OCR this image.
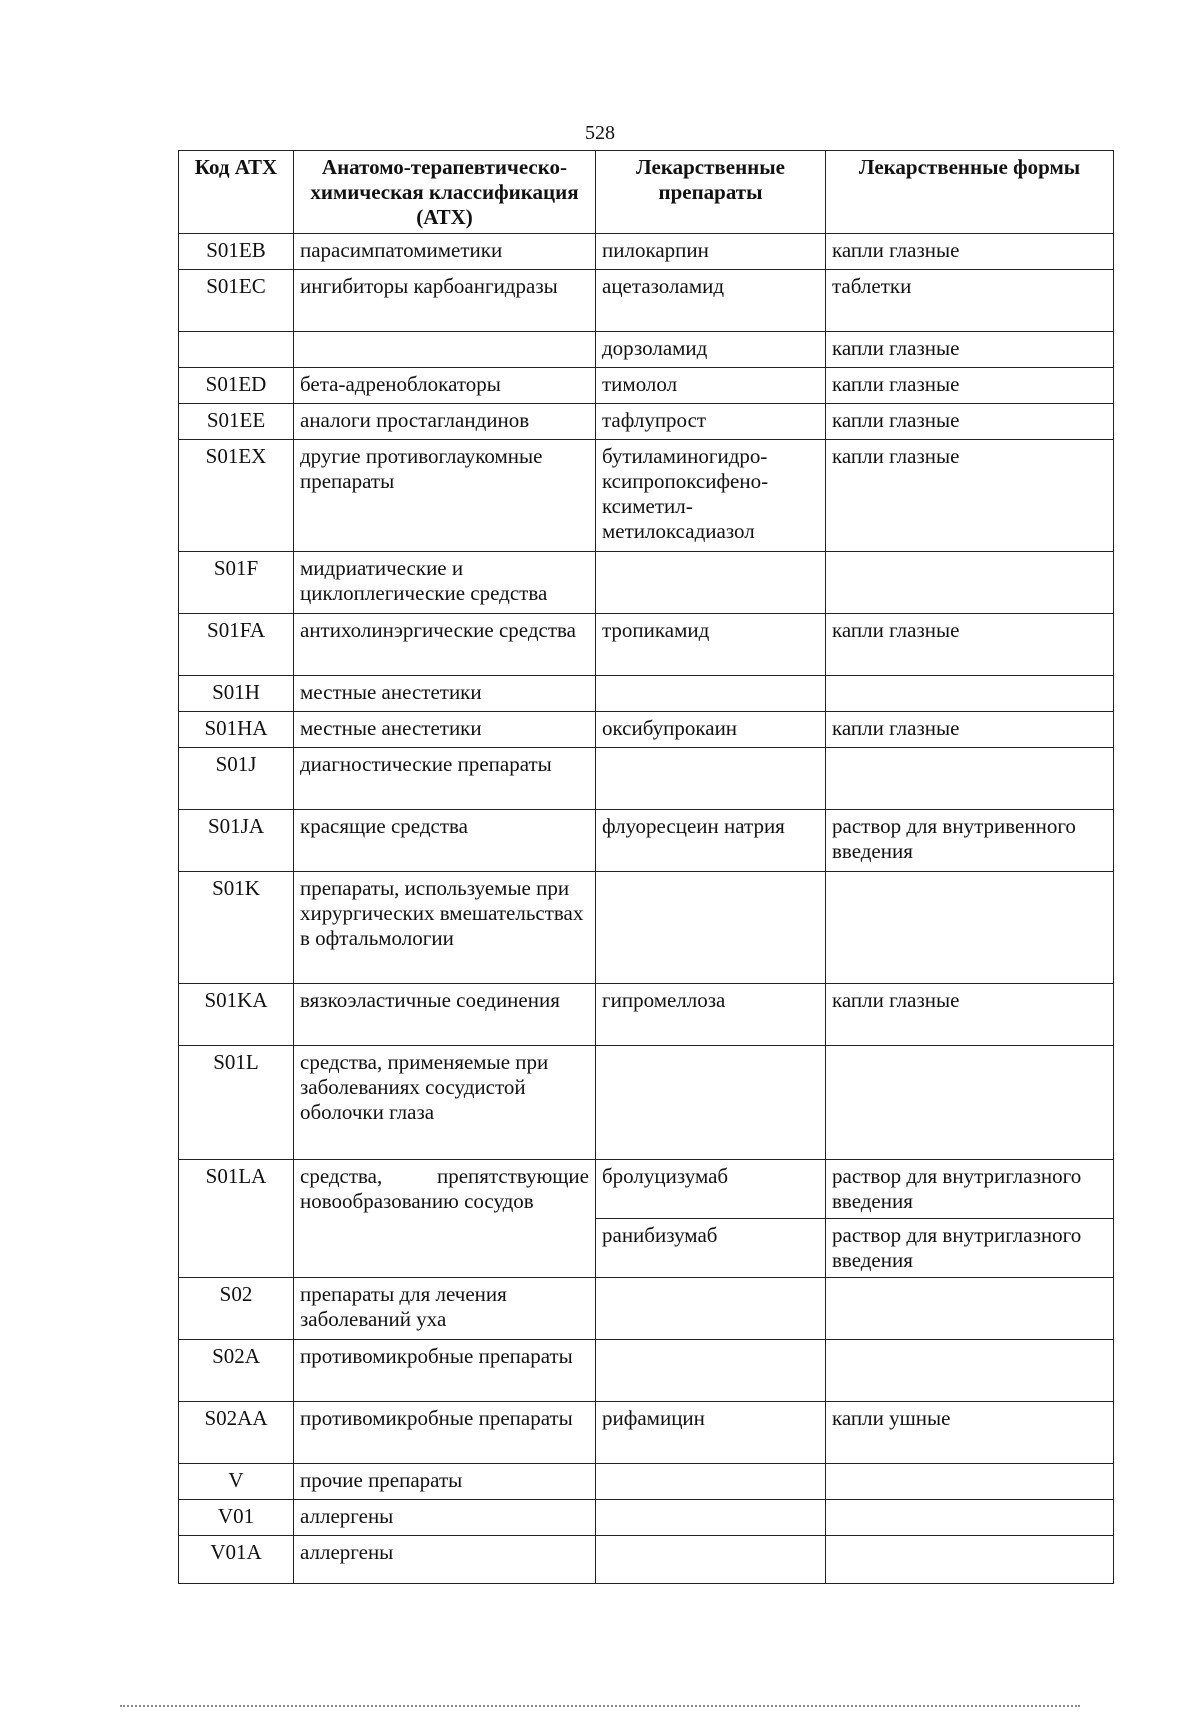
528
Код АТХ	Анатомо-терапевтическо-химическая классификация (АТХ)	Лекарственные препараты	Лекарственные формы
S01EB	парасимпатомиметики	пилокарпин	капли глазные
S01EC	ингибиторы карбоангидразы	ацетазоламид	таблетки
		дорзоламид	капли глазные
S01ED	бета-адреноблокаторы	тимолол	капли глазные
S01EE	аналоги простагландинов	тафлупрост	капли глазные
S01EX	другие противоглаукомные препараты	бутиламиногидро-ксипропоксифено-ксиметил-метилоксадиазол	капли глазные
S01F	мидриатические и циклоплегические средства		
S01FA	антихолинэргические средства	тропикамид	капли глазные
S01H	местные анестетики		
S01HA	местные анестетики	оксибупрокаин	капли глазные
S01J	диагностические препараты		
S01JA	красящие средства	флуоресцеин натрия	раствор для внутривенного введения
S01K	препараты, используемые при хирургических вмешательствах в офтальмологии		
S01KA	вязкоэластичные соединения	гипромеллоза	капли глазные
S01L	средства, применяемые при заболеваниях сосудистой оболочки глаза		
S01LA	средства, препятствующие новообразованию сосудов	бролуцизумаб	раствор для внутриглазного введения
		ранибизумаб	раствор для внутриглазного введения
S02	препараты для лечения заболеваний уха		
S02A	противомикробные препараты		
S02AA	противомикробные препараты	рифамицин	капли ушные
V	прочие препараты		
V01	аллергены		
V01A	аллергены		
